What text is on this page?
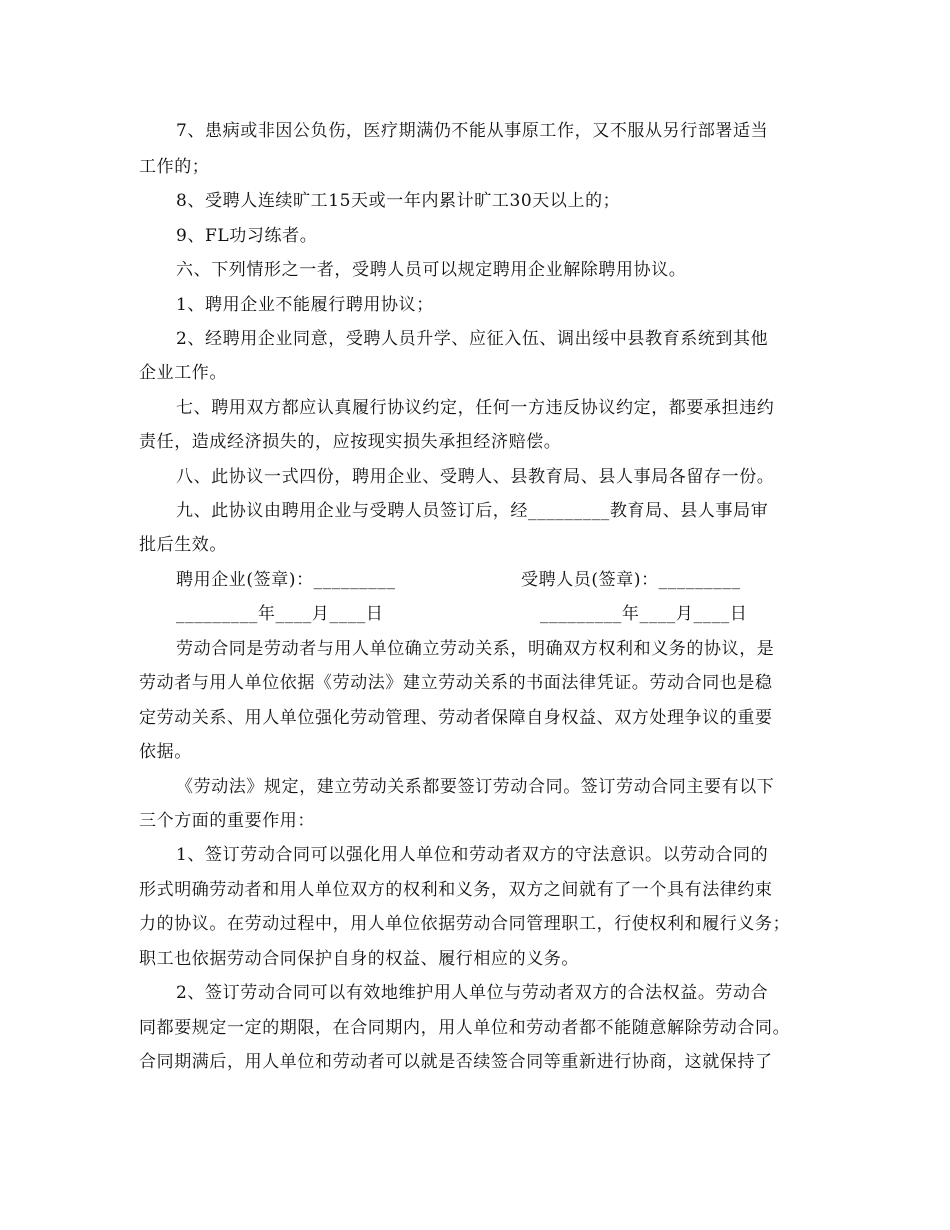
7、患病或非因公负伤，医疗期满仍不能从事原工作，又不服从另行部署适当
工作的；
8、受聘人连续旷工15天或一年内累计旷工30天以上的；
9、FL功习练者。
六、下列情形之一者，受聘人员可以规定聘用企业解除聘用协议。
1、聘用企业不能履行聘用协议；
2、经聘用企业同意，受聘人员升学、应征入伍、调出绥中县教育系统到其他
企业工作。
七、聘用双方都应认真履行协议约定，任何一方违反协议约定，都要承担违约
责任，造成经济损失的，应按现实损失承担经济赔偿。
八、此协议一式四份，聘用企业、受聘人、县教育局、县人事局各留存一份。
九、此协议由聘用企业与受聘人员签订后，经_________教育局、县人事局审
批后生效。
聘用企业(签章)：_________	受聘人员(签章)：_________
_________年____月____日	_________年____月____日
劳动合同是劳动者与用人单位确立劳动关系，明确双方权利和义务的协议，是
劳动者与用人单位依据《劳动法》建立劳动关系的书面法律凭证。劳动合同也是稳
定劳动关系、用人单位强化劳动管理、劳动者保障自身权益、双方处理争议的重要
依据。
《劳动法》规定，建立劳动关系都要签订劳动合同。签订劳动合同主要有以下
三个方面的重要作用：
1、签订劳动合同可以强化用人单位和劳动者双方的守法意识。以劳动合同的
形式明确劳动者和用人单位双方的权利和义务，双方之间就有了一个具有法律约束
力的协议。在劳动过程中，用人单位依据劳动合同管理职工，行使权利和履行义务；
职工也依据劳动合同保护自身的权益、履行相应的义务。
2、签订劳动合同可以有效地维护用人单位与劳动者双方的合法权益。劳动合
同都要规定一定的期限，在合同期内，用人单位和劳动者都不能随意解除劳动合同。
合同期满后，用人单位和劳动者可以就是否续签合同等重新进行协商，这就保持了
